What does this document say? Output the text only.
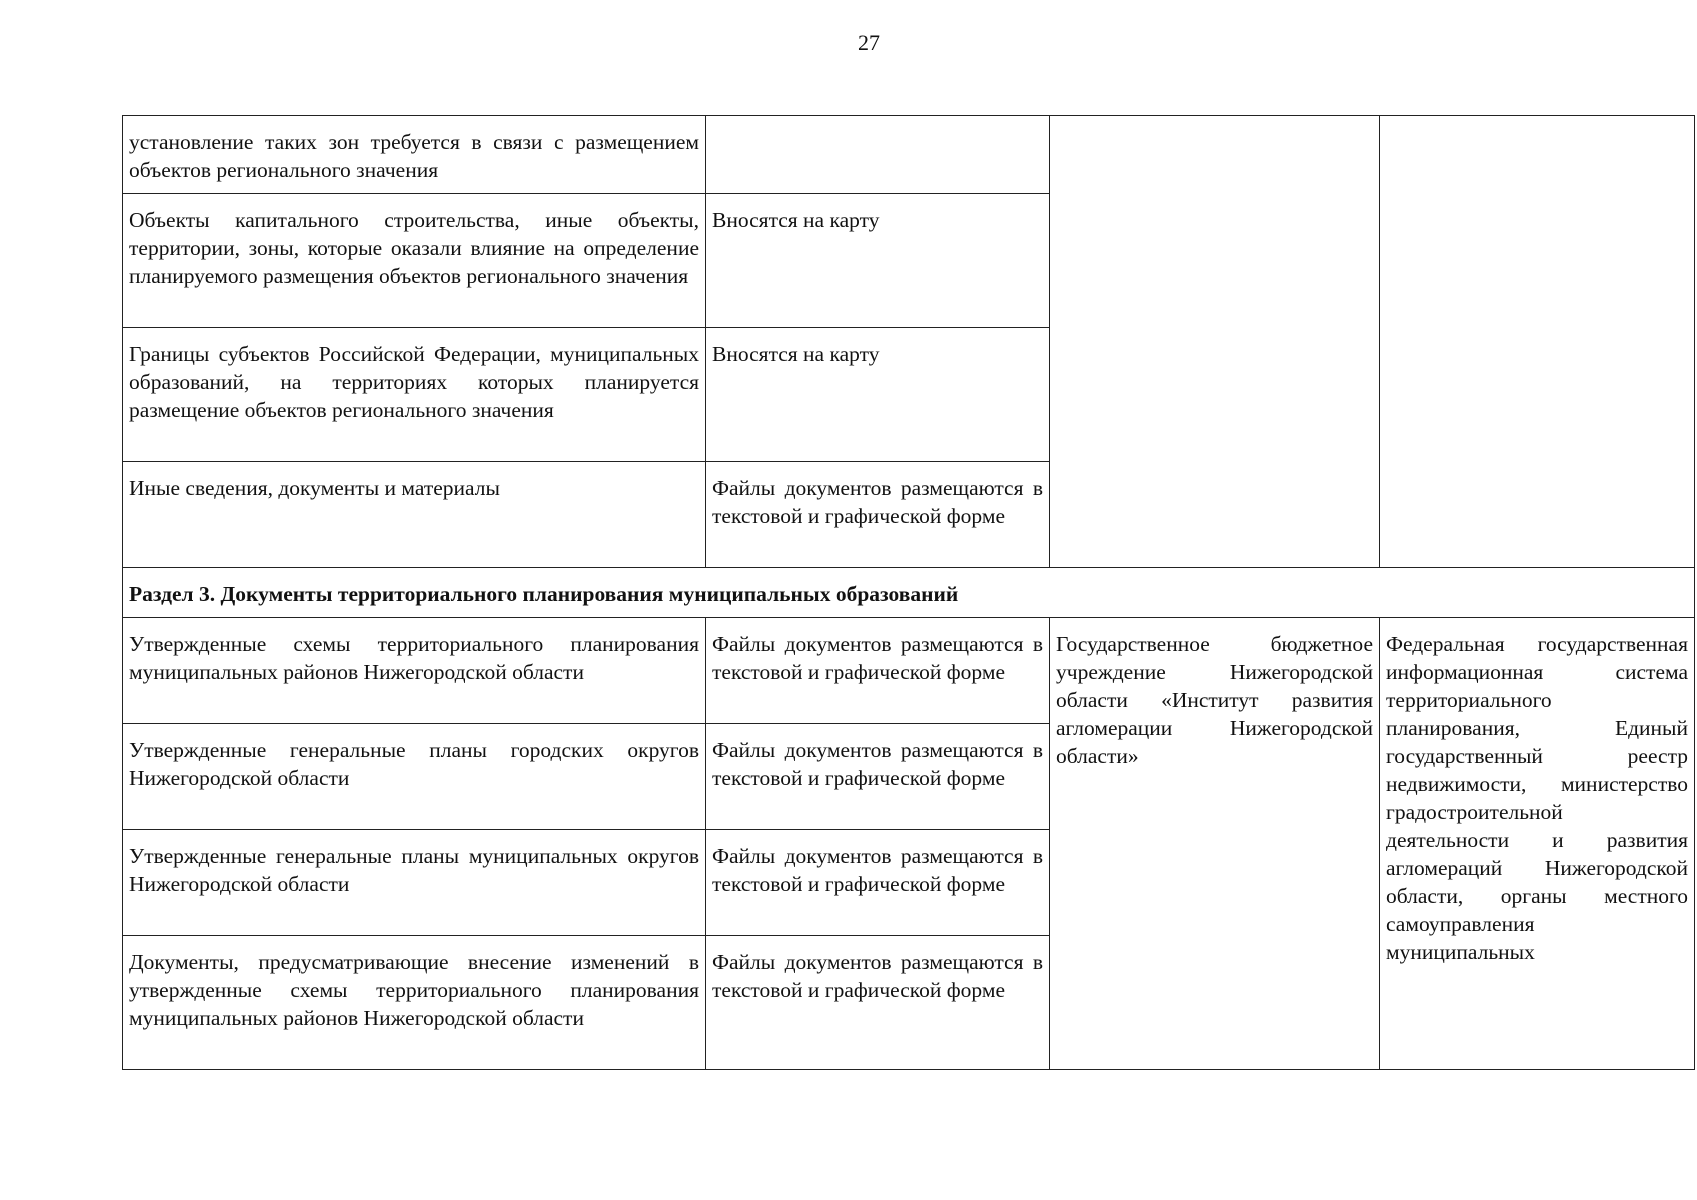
27
установление таких зон требуется в связи с размещением объектов регионального значения			
Объекты капитального строительства, иные объекты, территории, зоны, которые оказали влияние на определение планируемого размещения объектов регионального значения	Вносятся на карту		
Границы субъектов Российской Федерации, муниципальных образований, на территориях которых планируется размещение объектов регионального значения	Вносятся на карту		
Иные сведения, документы и материалы	Файлы документов размещаются в текстовой и графической форме		
Раздел 3. Документы территориального планирования муниципальных образований			
Утвержденные схемы территориального планирования муниципальных районов Нижегородской области	Файлы документов размещаются в текстовой и графической форме	Государственное бюджетное учреждение Нижегородской области «Институт развития агломерации Нижегородской области»	Федеральная государственная информационная система территориального планирования, Единый государственный реестр недвижимости, министерство градостроительной деятельности и развития агломераций Нижегородской области, органы местного самоуправления муниципальных
Утвержденные генеральные планы городских округов Нижегородской области	Файлы документов размещаются в текстовой и графической форме		
Утвержденные генеральные планы муниципальных округов Нижегородской области	Файлы документов размещаются в текстовой и графической форме		
Документы, предусматривающие внесение изменений в утвержденные схемы территориального планирования муниципальных районов Нижегородской области	Файлы документов размещаются в текстовой и графической форме		
